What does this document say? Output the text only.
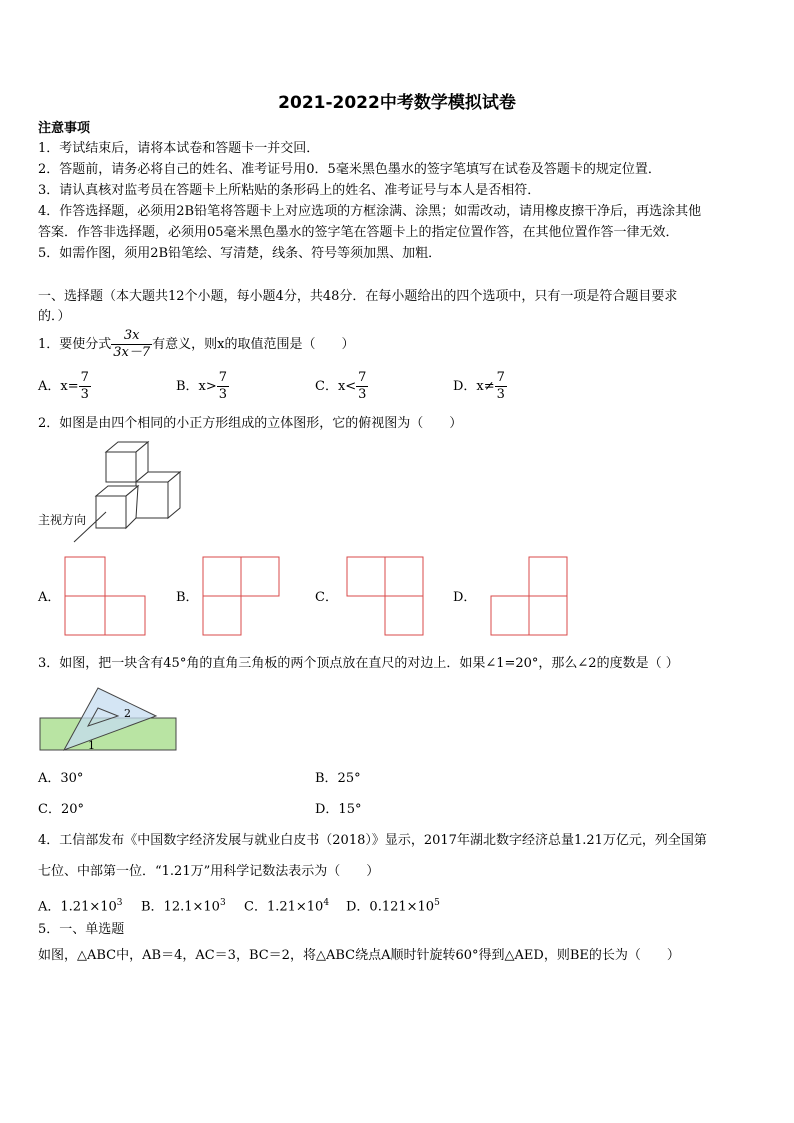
2021-2022中考数学模拟试卷
注意事项
1．考试结束后，请将本试卷和答题卡一并交回．
2．答题前，请务必将自己的姓名、准考证号用0．5毫米黑色墨水的签字笔填写在试卷及答题卡的规定位置．
3．请认真核对监考员在答题卡上所粘贴的条形码上的姓名、准考证号与本人是否相符．
4．作答选择题，必须用2B铅笔将答题卡上对应选项的方框涂满、涂黑；如需改动，请用橡皮擦干净后，再选涂其他
答案．作答非选择题，必须用05毫米黑色墨水的签字笔在答题卡上的指定位置作答，在其他位置作答一律无效．
5．如需作图，须用2B铅笔绘、写清楚，线条、符号等须加黑、加粗．
一、选择题（本大题共12个小题，每小题4分，共48分．在每小题给出的四个选项中，只有一项是符合题目要求
的．）
1．要使分式 $\frac{3x}{3x-7}$ 有意义，则x的取值范围是（　　）
A．$x= \frac{7}{3}$	B．$x> \frac{7}{3}$	C．$x< \frac{7}{3}$	D．$x\ne \frac{7}{3}$
2．如图是由四个相同的小正方形组成的立体图形，它的俯视图为（　　）
主视方向
A．	B．	C．	D．
3．如图，把一块含有45°角的直角三角板的两个顶点放在直尺的对边上．如果∠1=20°，那么∠2的度数是（ ）
2
1
A．30°	B．25°
C．20°	D．15°
4．工信部发布《中国数字经济发展与就业白皮书（2018）》显示，2017年湖北数字经济总量1.21万亿元，列全国第
七位、中部第一位．“1.21万”用科学记数法表示为（　　）
A．$1.21\times 10^3$ B．$12.1\times 10^3$ C．$1.21\times 10^4$ D．$0.121\times 10^5$
5．一、单选题
如图，△ABC中，AB＝4，AC＝3，BC＝2，将△ABC绕点A顺时针旋转60°得到△AED，则BE的长为（　　）
